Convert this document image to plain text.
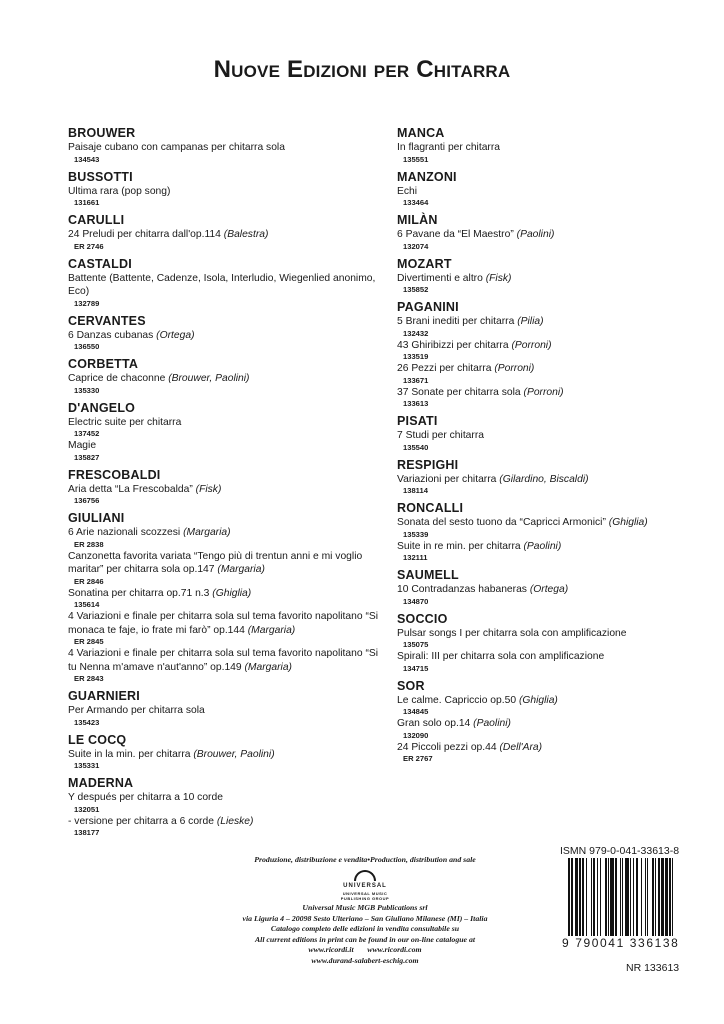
Nuove Edizioni per Chitarra
BROUWER
Paisaje cubano con campanas per chitarra sola
134543
BUSSOTTI
Ultima rara (pop song)
131661
CARULLI
24 Preludi per chitarra dall'op.114 (Balestra)
ER 2746
CASTALDI
Battente (Battente, Cadenze, Isola, Interludio, Wiegenlied anonimo, Eco)
132789
CERVANTES
6 Danzas cubanas (Ortega)
136550
CORBETTA
Caprice de chaconne (Brouwer, Paolini)
135330
D'ANGELO
Electric suite per chitarra
137452
Magie
135827
FRESCOBALDI
Aria detta “La Frescobalda” (Fisk)
136756
GIULIANI
6 Arie nazionali scozzesi (Margaria)
ER 2838
Canzonetta favorita variata “Tengo più di trentun anni e mi voglio maritar” per chitarra sola op.147 (Margaria)
ER 2846
Sonatina per chitarra op.71 n.3 (Ghiglia)
135614
4 Variazioni e finale per chitarra sola sul tema favorito napolitano “Si monaca te faje, io frate mi farò” op.144 (Margaria)
ER 2845
4 Variazioni e finale per chitarra sola sul tema favorito napolitano “Si tu Nenna m'amave n'aut'anno” op.149 (Margaria)
ER 2843
GUARNIERI
Per Armando per chitarra sola
135423
LE COCQ
Suite in la min. per chitarra (Brouwer, Paolini)
135331
MADERNA
Y después per chitarra a 10 corde
132051
- versione per chitarra a 6 corde (Lieske)
138177
MANCA
In flagranti per chitarra
135551
MANZONI
Echi
133464
MILÀN
6 Pavane da “El Maestro” (Paolini)
132074
MOZART
Divertimenti e altro (Fisk)
135852
PAGANINI
5 Brani inediti per chitarra (Pilia)
132432
43 Ghiribizzi per chitarra (Porroni)
133519
26 Pezzi per chitarra (Porroni)
133671
37 Sonate per chitarra sola (Porroni)
133613
PISATI
7 Studi per chitarra
135540
RESPIGHI
Variazioni per chitarra (Gilardino, Biscaldi)
138114
RONCALLI
Sonata del sesto tuono da “Capricci Armonici” (Ghiglia)
135339
Suite in re min. per chitarra (Paolini)
132111
SAUMELL
10 Contradanzas habaneras (Ortega)
134870
SOCCIO
Pulsar songs I per chitarra sola con amplificazione
135075
Spirali: III per chitarra sola con amplificazione
134715
SOR
Le calme. Capriccio op.50 (Ghiglia)
134845
Gran solo op.14 (Paolini)
132090
24 Piccoli pezzi op.44 (Dell'Ara)
ER 2767
Produzione, distribuzione e vendita•Production, distribution and sale
UNIVERSAL
UNIVERSAL MUSIC PUBLISHING GROUP
Universal Music MGB Publications srl
via Liguria 4 – 20098 Sesto Ulteriano – San Giuliano Milanese (MI) – Italia
Catalogo completo delle edizioni in vendita consultabile su
All current editions in print can be found in our on-line catalogue at
www.ricordi.it www.ricordi.com
www.durand-salabert-eschig.com
ISMN 979-0-041-33613-8
9 790041 336138
NR 133613
